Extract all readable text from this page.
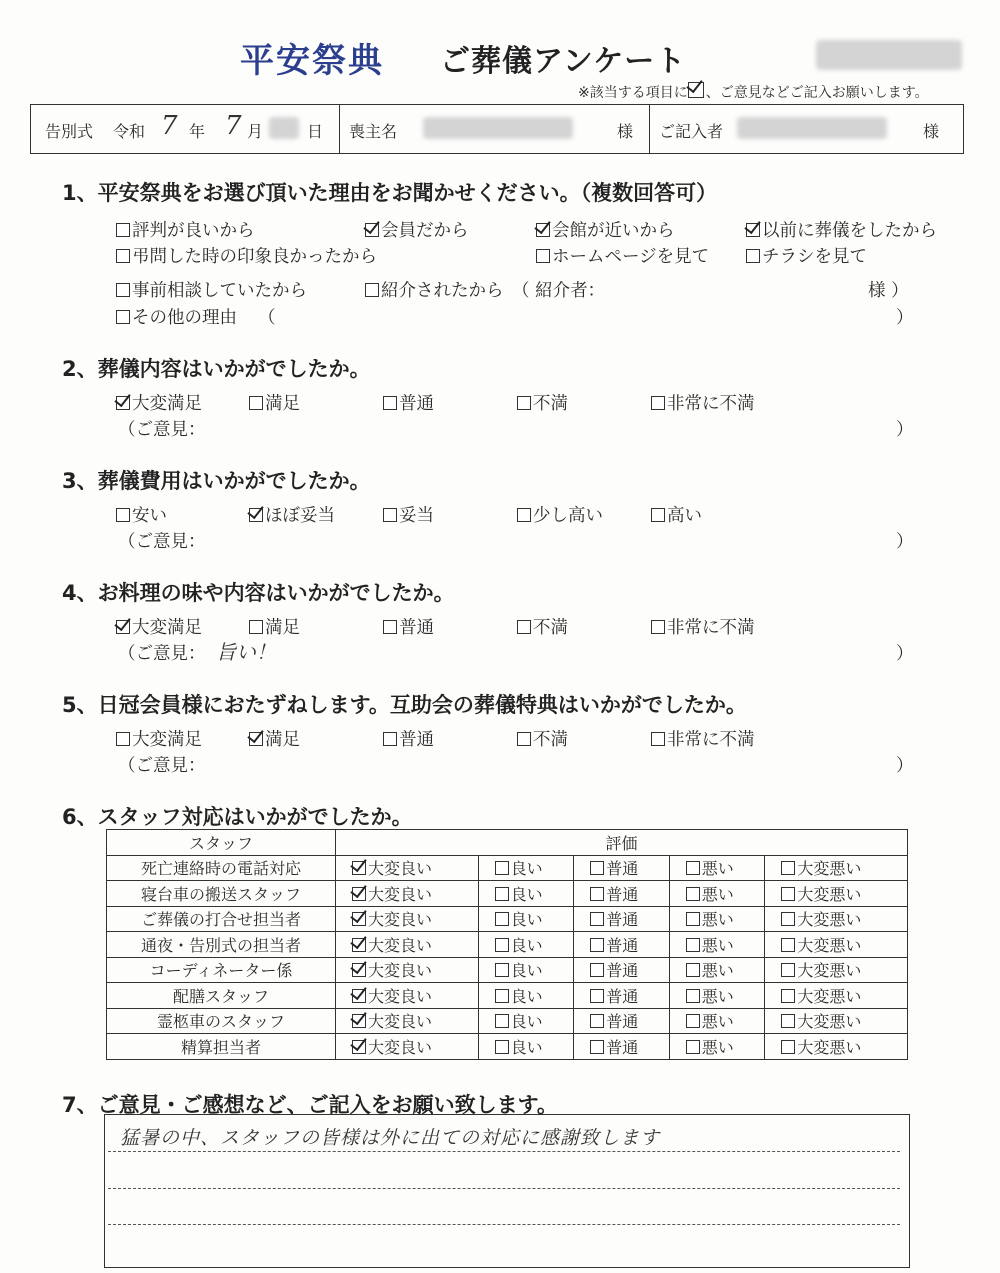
平安祭典 ご葬儀アンケート
※該当する項目に 、ご意見などご記入お願いします。
告別式 令和 7 年 7 月	日 喪主名	様 ご記入者	様
1、平安祭典をお選び頂いた理由をお聞かせください。（複数回答可）
評判が良いから	会員だから	会館が近いから	以前に葬儀をしたから
弔問した時の印象良かったから	ホームページを見て	チラシを見て
事前相談していたから	紹介されたから （ 紹介者：	様 ）
その他の理由 （	）
2、葬儀内容はいかがでしたか。
大変満足	満足	普通	不満	非常に不満
（ご意見：	）
3、葬儀費用はいかがでしたか。
安い	ほぼ妥当	妥当	少し高い	高い
（ご意見：	）
4、お料理の味や内容はいかがでしたか。
大変満足	満足	普通	不満	非常に不満
（ご意見： 旨い！	）
5、日冠会員様におたずねします。互助会の葬儀特典はいかがでしたか。
大変満足	満足	普通	不満	非常に不満
（ご意見：	）
6、スタッフ対応はいかがでしたか。
スタッフ	評価				
死亡連絡時の電話対応	大変良い	良い	普通	悪い	大変悪い
寝台車の搬送スタッフ	大変良い	良い	普通	悪い	大変悪い
ご葬儀の打合せ担当者	大変良い	良い	普通	悪い	大変悪い
通夜・告別式の担当者	大変良い	良い	普通	悪い	大変悪い
コーディネーター係	大変良い	良い	普通	悪い	大変悪い
配膳スタッフ	大変良い	良い	普通	悪い	大変悪い
霊柩車のスタッフ	大変良い	良い	普通	悪い	大変悪い
精算担当者	大変良い	良い	普通	悪い	大変悪い
7、ご意見・ご感想など、ご記入をお願い致します。
猛暑の中、スタッフの皆様は外に出ての対応に感謝致します
